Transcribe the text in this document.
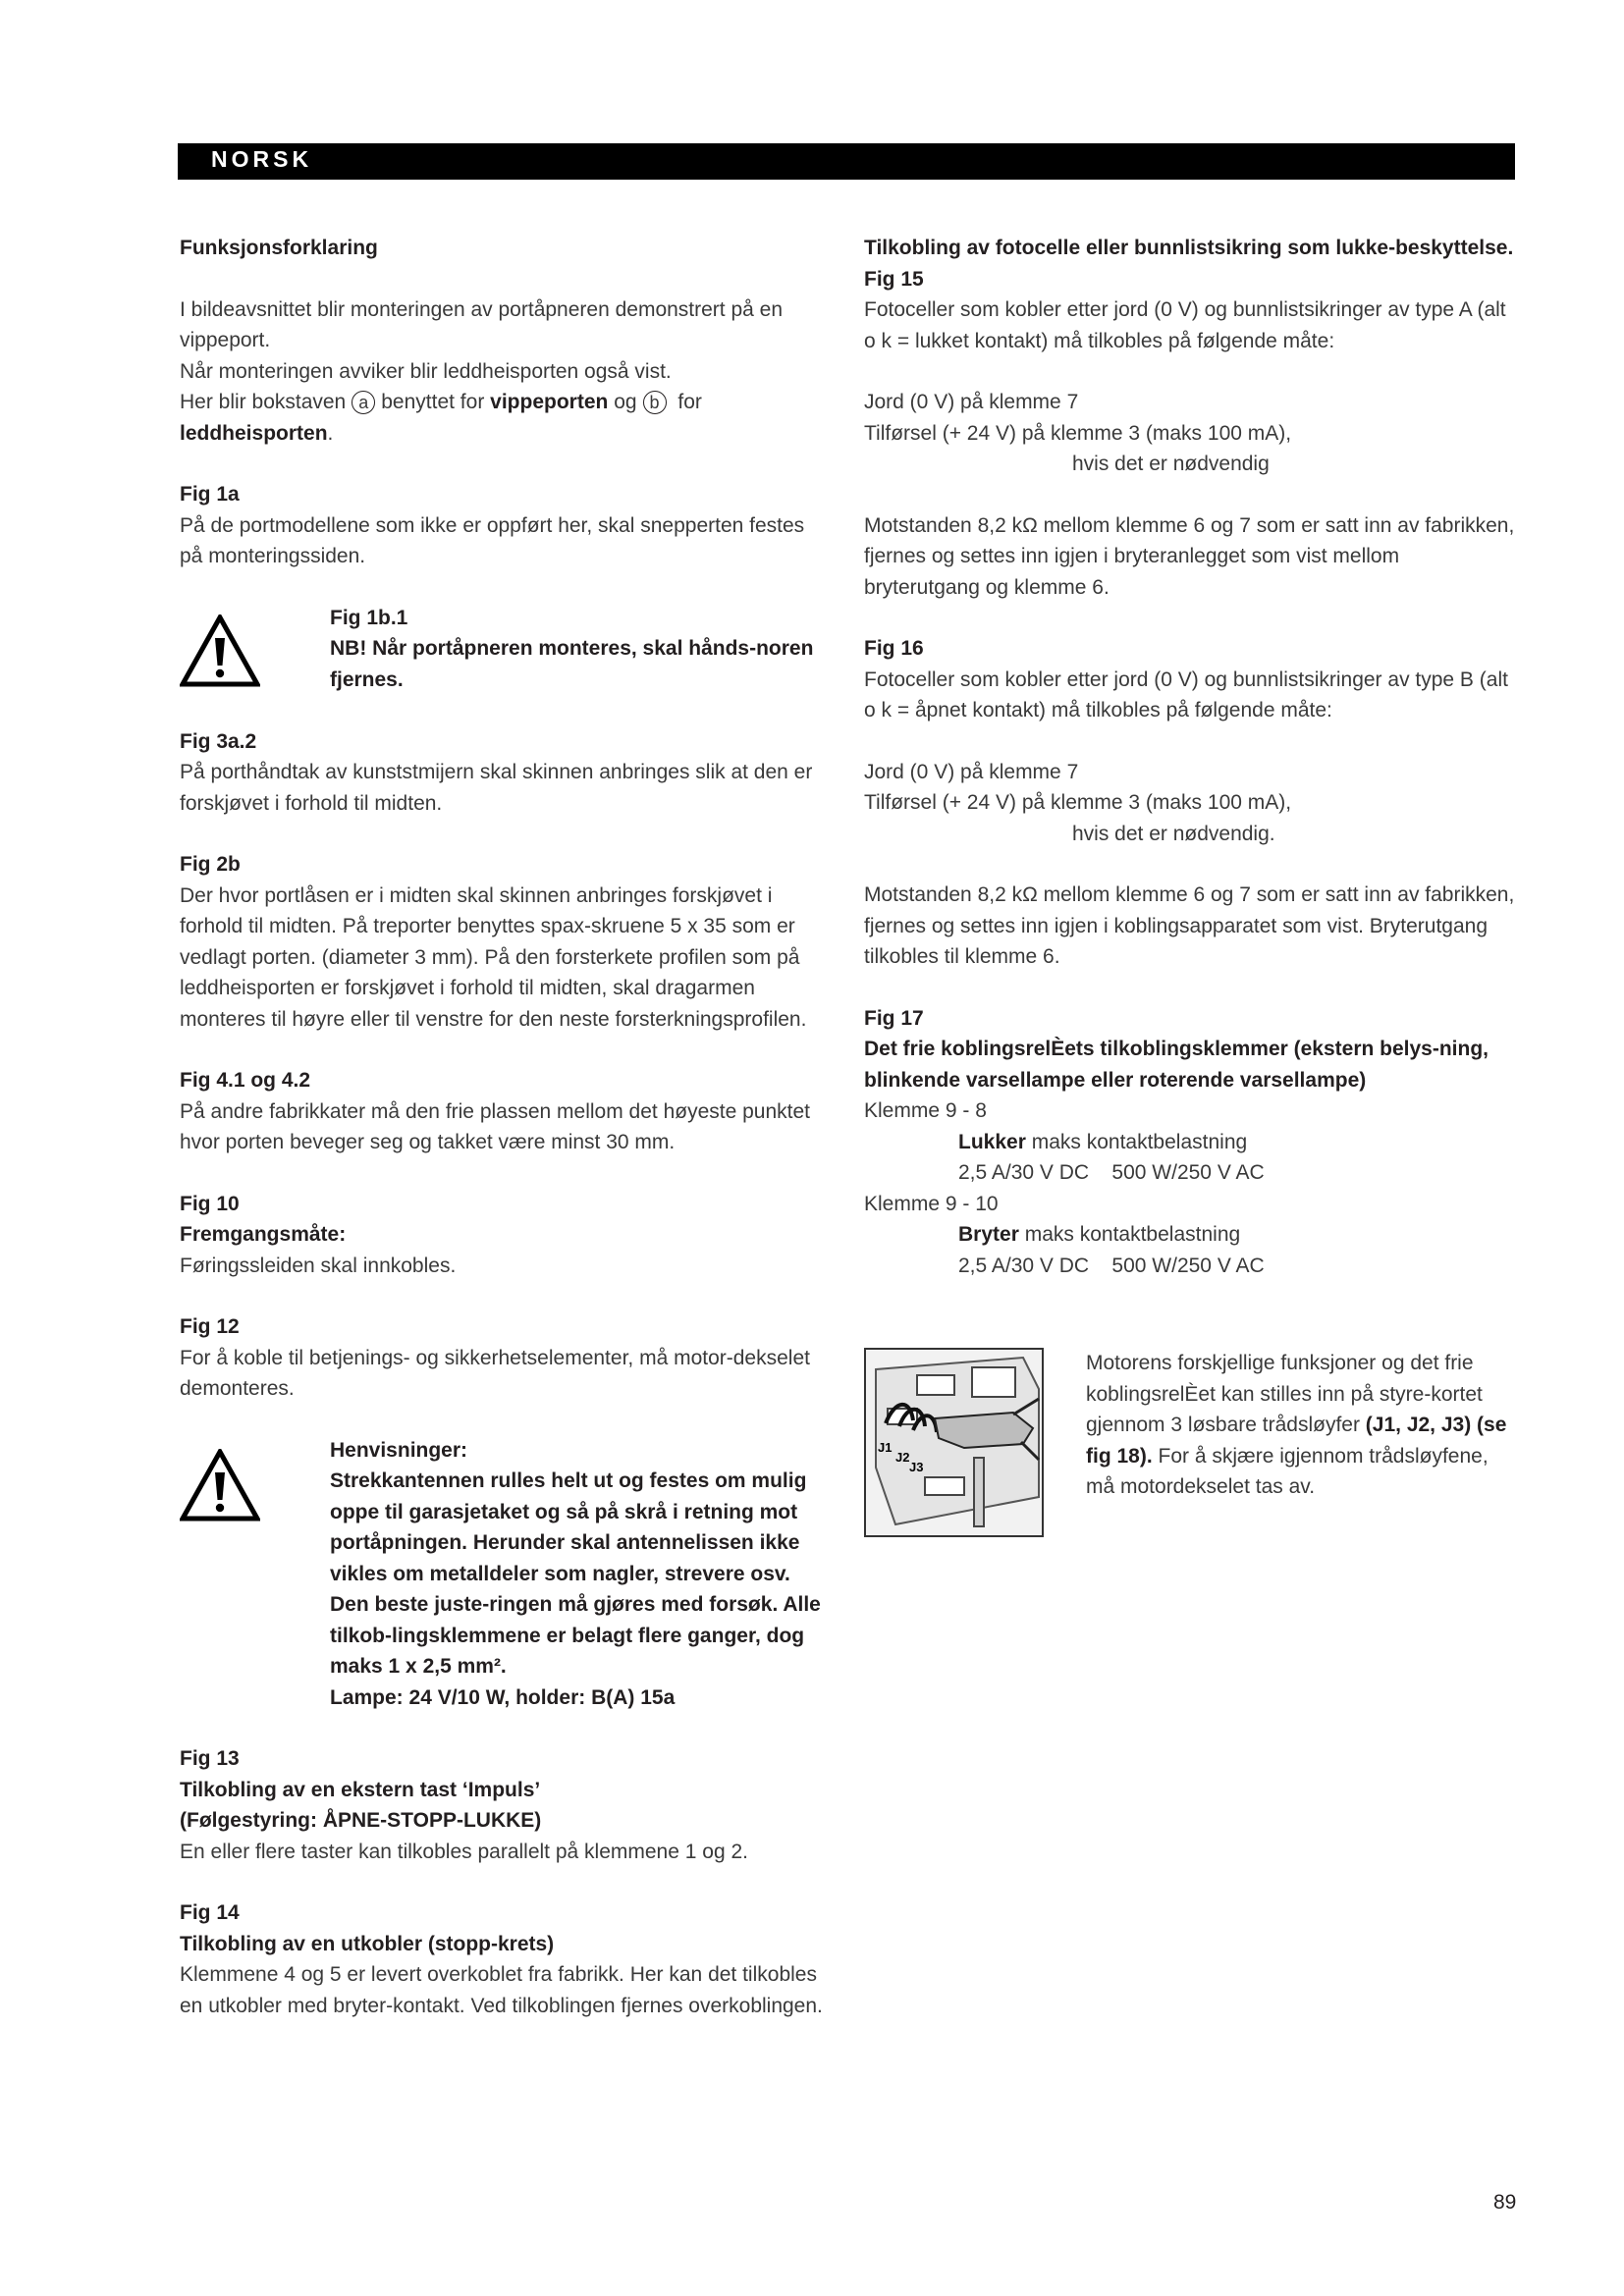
NORSK

Funksjonsforklaring

I bildeavsnittet blir monteringen av portåpneren demonstrert på en vippeport.

Når monteringen avviker blir leddheisporten også vist.

Her blir bokstaven a benyttet for vippeporten og b for leddheisporten.

Fig 1a

På de portmodellene som ikke er oppført her, skal snepperten festes på monteringssiden.

Fig 1b.1

NB! Når portåpneren monteres, skal hånds-noren fjernes.

Fig 3a.2

På porthåndtak av kunststmijern skal skinnen anbringes slik at den er forskjøvet i forhold til midten.

Fig 2b

Der hvor portlåsen er i midten skal skinnen anbringes forskjøvet i forhold til midten. På treporter benyttes spax-skruene 5 x 35 som er vedlagt porten. (diameter 3 mm). På den forsterkete profilen som på leddheisporten er forskjøvet i forhold til midten, skal dragarmen monteres til høyre eller til venstre for den neste forsterkningsprofilen.

Fig 4.1 og 4.2

På andre fabrikkater må den frie plassen mellom det høyeste punktet hvor porten beveger seg og takket være minst 30 mm.

Fig 10

Fremgangsmåte:

Føringssleiden skal innkobles.

Fig 12

For å koble til betjenings- og sikkerhetselementer, må motor-dekselet demonteres.

Henvisninger:

Strekkantennen rulles helt ut og festes om mulig oppe til garasjetaket og så på skrå i retning mot portåpningen. Herunder skal antennelissen ikke vikles om metalldeler som nagler, strevere osv. Den beste juste-ringen må gjøres med forsøk. Alle tilkob-lingsklemmene er belagt flere ganger, dog maks 1 x 2,5 mm².

Lampe: 24 V/10 W, holder: B(A) 15a

Fig 13

Tilkobling av en ekstern tast ‘Impuls’

(Følgestyring: ÅPNE-STOPP-LUKKE)

En eller flere taster kan tilkobles parallelt på klemmene 1 og 2.

Fig 14

Tilkobling av en utkobler (stopp-krets)

Klemmene 4 og 5 er levert overkoblet fra fabrikk. Her kan det tilkobles en utkobler med bryter-kontakt. Ved tilkoblingen fjernes overkoblingen.

Tilkobling av fotocelle eller bunnlistsikring som lukke-beskyttelse.

Fig 15

Fotoceller som kobler etter jord (0 V) og bunnlistsikringer av type A (alt o k = lukket kontakt) må tilkobles på følgende måte:

Jord (0 V) på klemme 7

Tilførsel (+ 24 V) på klemme 3 (maks 100 mA),

hvis det er nødvendig

Motstanden 8,2 kΩ mellom klemme 6 og 7 som er satt inn av fabrikken, fjernes og settes inn igjen i bryteranlegget som vist mellom bryterutgang og klemme 6.

Fig 16

Fotoceller som kobler etter jord (0 V) og bunnlistsikringer av type B (alt o k = åpnet kontakt) må tilkobles på følgende måte:

Jord (0 V) på klemme 7

Tilførsel (+ 24 V) på klemme 3 (maks 100 mA),

hvis det er nødvendig.

Motstanden 8,2 kΩ mellom klemme 6 og 7 som er satt inn av fabrikken, fjernes og settes inn igjen i koblingsapparatet som vist. Bryterutgang tilkobles til klemme 6.

Fig 17

Det frie koblingsrelÈets tilkoblingsklemmer (ekstern belys-ning, blinkende varsellampe eller roterende varsellampe)

Klemme 9 - 8

Lukker maks kontaktbelastning

2,5 A/30 V DC    500 W/250 V AC

Klemme 9 - 10

Bryter maks kontaktbelastning

2,5 A/30 V DC    500 W/250 V AC

J1
J2
J3

Motorens forskjellige funksjoner og det frie koblingsrelÈet kan stilles inn på styre-kortet gjennom 3 løsbare trådsløyfer (J1, J2, J3) (se fig 18). For å skjære igjennom trådsløyfene, må motordekselet tas av.

89
